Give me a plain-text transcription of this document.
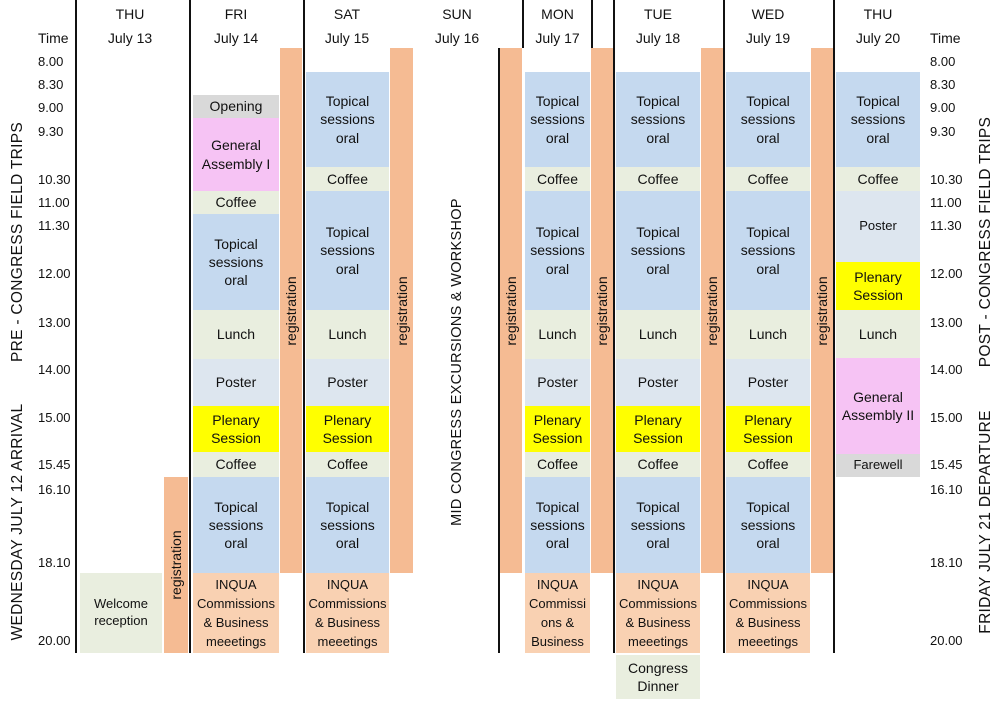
THU
July 13
FRI
July 14
SAT
July 15
SUN
July 16
MON
July 17
TUE
July 18
WED
July 19
THU
July 20
Time
8.00
8.30
9.00
9.30
10.30
11.00
11.30
12.00
13.00
14.00
15.00
15.45
16.10
18.10
20.00
Time
8.00
8.30
9.00
9.30
10.30
11.00
11.30
12.00
13.00
14.00
15.00
15.45
16.10
18.10
20.00
PRE - CONGRESS FIELD TRIPS
WEDNESDAY JULY 12 ARRIVAL
POST - CONGRESS FIELD TRIPS
FRIDAY JULY 21 DEPARTURE
Welcome
reception
registration
Opening
General
Assembly I
Coffee
Topical
sessions
oral
Lunch
Poster
Plenary
Session
Coffee
Topical
sessions
oral
INQUA
Commissions
& Business
meeetings
registration
Topical
sessions
oral
Coffee
Topical
sessions
oral
Lunch
Poster
Plenary
Session
Coffee
Topical
sessions
oral
INQUA
Commissions
& Business
meeetings
registration	MID CONGRESS EXCURSIONS & WORKSHOP	registration
Topical
sessions
oral
Coffee
Topical
sessions
oral
Lunch
Poster
Plenary
Session
Coffee
Topical
sessions
oral
INQUA
Commissi
ons &
Business
registration
Topical
sessions
oral
Coffee
Topical
sessions
oral
Lunch
Poster
Plenary
Session
Coffee
Topical
sessions
oral
INQUA
Commissions
& Business
meeetings
Congress
Dinner
registration
Topical
sessions
oral
Coffee
Topical
sessions
oral
Lunch
Poster
Plenary
Session
Coffee
Topical
sessions
oral
INQUA
Commissions
& Business
meeetings
registration
Topical
sessions
oral
Coffee
Poster
Plenary
Session
Lunch
General
Assembly II
Farewell
